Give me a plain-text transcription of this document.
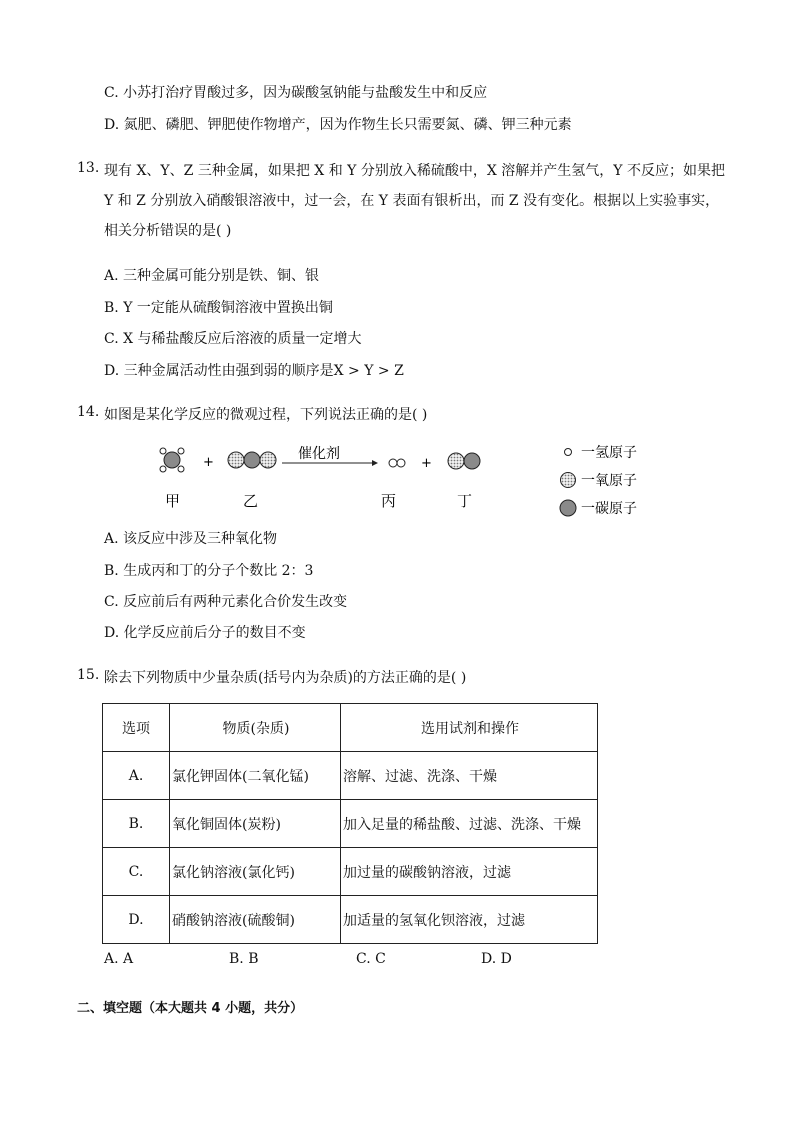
C. 小苏打治疗胃酸过多，因为碳酸氢钠能与盐酸发生中和反应
D. 氮肥、磷肥、钾肥使作物增产，因为作物生长只需要氮、磷、钾三种元素
13. 现有 X、Y、Z 三种金属，如果把 X 和 Y 分别放入稀硫酸中，X 溶解并产生氢气，Y 不反应；如果把
Y 和 Z 分别放入硝酸银溶液中，过一会，在 Y 表面有银析出，而 Z 没有变化。根据以上实验事实，
相关分析错误的是( )
A. 三种金属可能分别是铁、铜、银
B. Y 一定能从硫酸铜溶液中置换出铜
C. X 与稀盐酸反应后溶液的质量一定增大
D. 三种金属活动性由强到弱的顺序是X > Y > Z
14. 如图是某化学反应的微观过程，下列说法正确的是( )
+
催化剂
+
甲	乙	丙	丁
一氢原子
一氧原子
一碳原子
A. 该反应中涉及三种氧化物
B. 生成丙和丁的分子个数比 2：3
C. 反应前后有两种元素化合价发生改变
D. 化学反应前后分子的数目不变
15. 除去下列物质中少量杂质(括号内为杂质)的方法正确的是( )
选项	物质(杂质)	选用试剂和操作
A.	氯化钾固体(二氧化锰)	溶解、过滤、洗涤、干燥
B.	氧化铜固体(炭粉)	加入足量的稀盐酸、过滤、洗涤、干燥
C.	氯化钠溶液(氯化钙)	加过量的碳酸钠溶液，过滤
D.	硝酸钠溶液(硫酸铜)	加适量的氢氧化钡溶液，过滤
A. A	B. B	C. C	D. D
二、填空题（本大题共 4 小题，共分）
